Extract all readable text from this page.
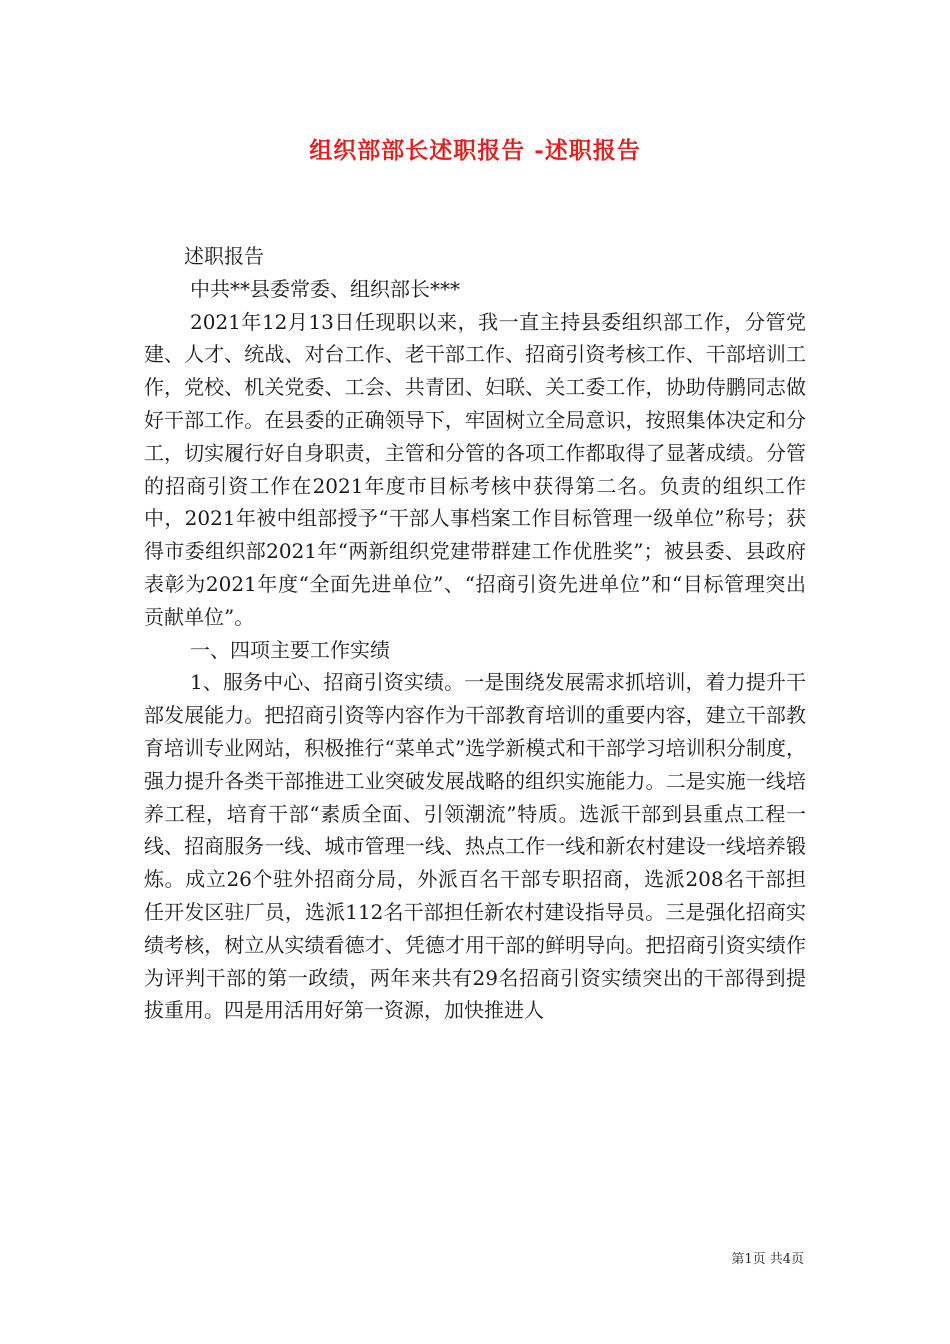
组织部部长述职报告 -述职报告

述职报告

中共**县委常委、组织部长***

2021年12月13日任现职以来，我一直主持县委组织部工作，分管党建、人才、统战、对台工作、老干部工作、招商引资考核工作、干部培训工作，党校、机关党委、工会、共青团、妇联、关工委工作，协助侍鹏同志做好干部工作。在县委的正确领导下，牢固树立全局意识，按照集体决定和分工，切实履行好自身职责，主管和分管的各项工作都取得了显著成绩。分管的招商引资工作在2021年度市目标考核中获得第二名。负责的组织工作中，2021年被中组部授予“干部人事档案工作目标管理一级单位”称号；获得市委组织部2021年“两新组织党建带群建工作优胜奖”；被县委、县政府表彰为2021年度“全面先进单位”、“招商引资先进单位”和“目标管理突出贡献单位”。

一、四项主要工作实绩

1、服务中心、招商引资实绩。一是围绕发展需求抓培训，着力提升干部发展能力。把招商引资等内容作为干部教育培训的重要内容，建立干部教育培训专业网站，积极推行“菜单式”选学新模式和干部学习培训积分制度，强力提升各类干部推进工业突破发展战略的组织实施能力。二是实施一线培养工程，培育干部“素质全面、引领潮流”特质。选派干部到县重点工程一线、招商服务一线、城市管理一线、热点工作一线和新农村建设一线培养锻炼。成立26个驻外招商分局，外派百名干部专职招商，选派208名干部担任开发区驻厂员，选派112名干部担任新农村建设指导员。三是强化招商实绩考核，树立从实绩看德才、凭德才用干部的鲜明导向。把招商引资实绩作为评判干部的第一政绩，两年来共有29名招商引资实绩突出的干部得到提拔重用。四是用活用好第一资源，加快推进人

第1页 共4页
